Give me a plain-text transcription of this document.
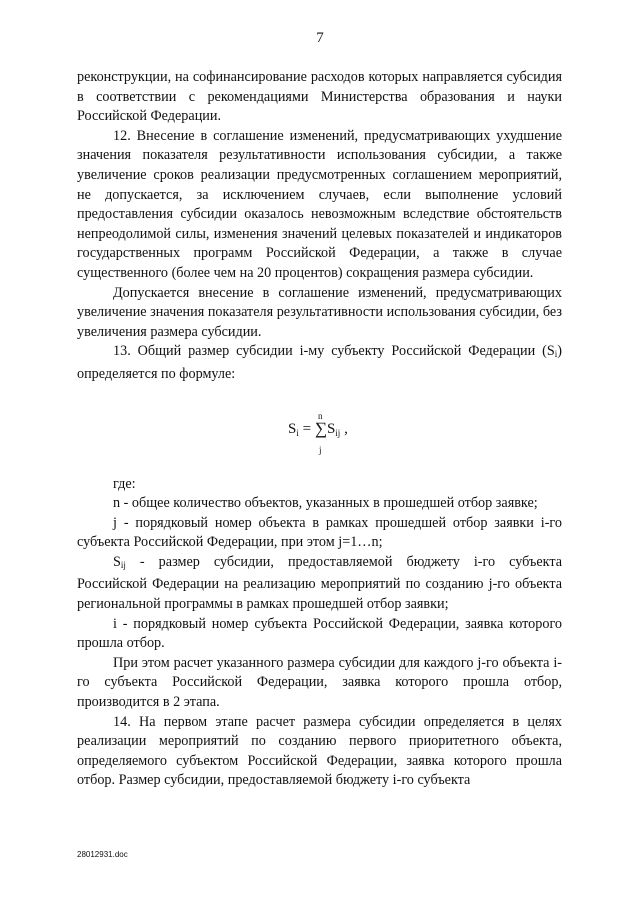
7

реконструкции, на софинансирование расходов которых направляется субсидия в соответствии с рекомендациями Министерства образования и науки Российской Федерации.

12. Внесение в соглашение изменений, предусматривающих ухудшение значения показателя результативности использования субсидии, а также увеличение сроков реализации предусмотренных соглашением мероприятий, не допускается, за исключением случаев, если выполнение условий предоставления субсидии оказалось невозможным вследствие обстоятельств непреодолимой силы, изменения значений целевых показателей и индикаторов государственных программ Российской Федерации, а также в случае существенного (более чем на 20 процентов) сокращения размера субсидии.

Допускается внесение в соглашение изменений, предусматривающих увеличение значения показателя результативности использования субсидии, без увеличения размера субсидии.

13. Общий размер субсидии i-му субъекту Российской Федерации $(S_i)$ определяется по формуле:

n
$S_i = \sum S_{ij}$ ,
j

где:

n - общее количество объектов, указанных в прошедшей отбор заявке;

j - порядковый номер объекта в рамках прошедшей отбор заявки i-го субъекта Российской Федерации, при этом j=1…n;

$S_{ij}$ - размер субсидии, предоставляемой бюджету i-го субъекта Российской Федерации на реализацию мероприятий по созданию j-го объекта региональной программы в рамках прошедшей отбор заявки;

i - порядковый номер субъекта Российской Федерации, заявка которого прошла отбор.

При этом расчет указанного размера субсидии для каждого j-го объекта i-го субъекта Российской Федерации, заявка которого прошла отбор, производится в 2 этапа.

14. На первом этапе расчет размера субсидии определяется в целях реализации мероприятий по созданию первого приоритетного объекта, определяемого субъектом Российской Федерации, заявка которого прошла отбор. Размер субсидии, предоставляемой бюджету i-го субъекта

28012931.doc
